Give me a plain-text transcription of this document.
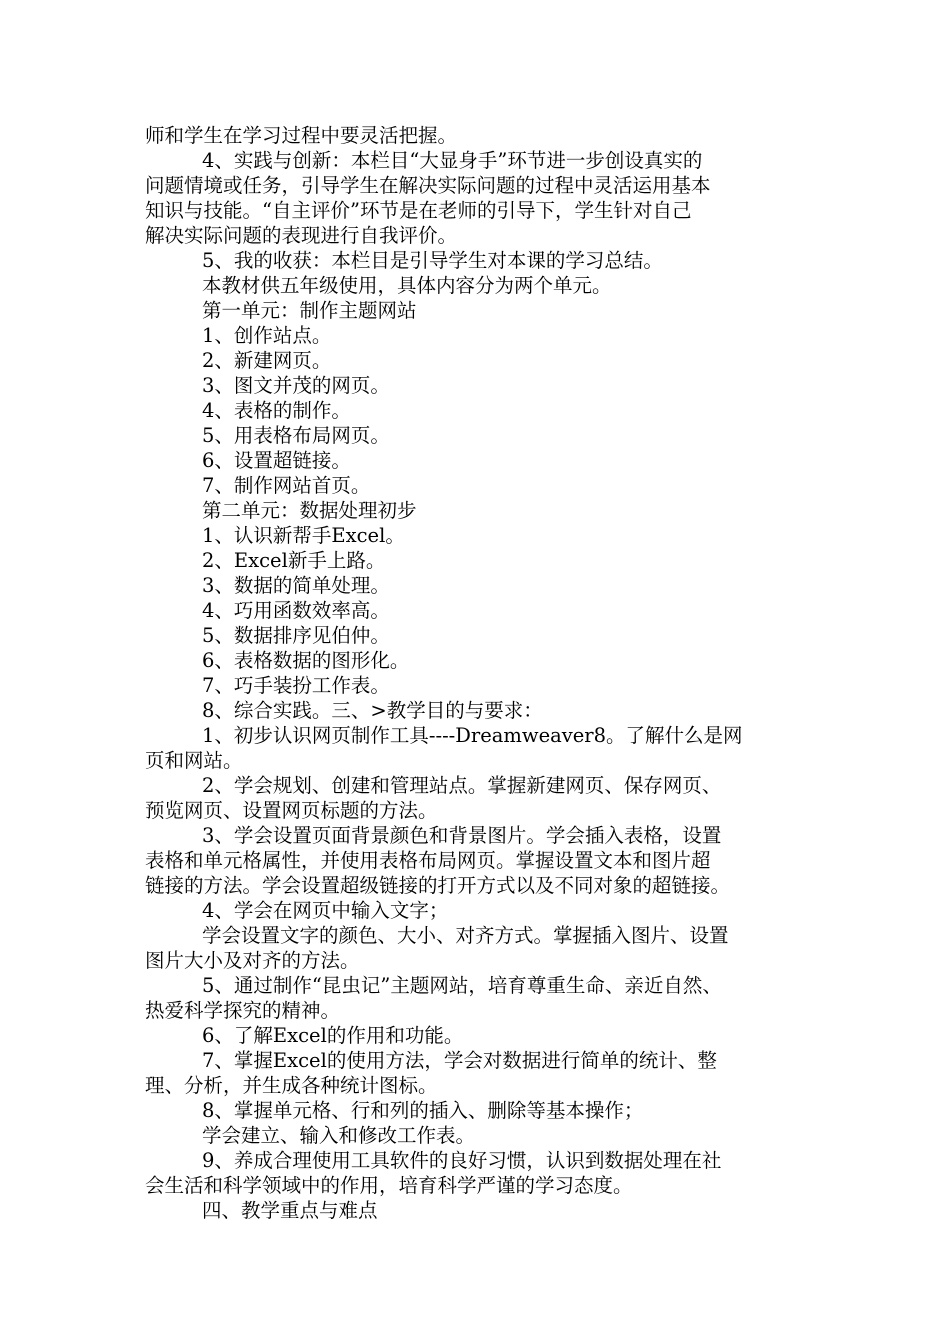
师和学生在学习过程中要灵活把握。
4、实践与创新：本栏目“大显身手”环节进一步创设真实的
问题情境或任务，引导学生在解决实际问题的过程中灵活运用基本
知识与技能。“自主评价”环节是在老师的引导下，学生针对自己
解决实际问题的表现进行自我评价。
5、我的收获：本栏目是引导学生对本课的学习总结。
本教材供五年级使用，具体内容分为两个单元。
第一单元：制作主题网站
1、创作站点。
2、新建网页。
3、图文并茂的网页。
4、表格的制作。
5、用表格布局网页。
6、设置超链接。
7、制作网站首页。
第二单元：数据处理初步
1、认识新帮手Excel。
2、Excel新手上路。
3、数据的简单处理。
4、巧用函数效率高。
5、数据排序见伯仲。
6、表格数据的图形化。
7、巧手装扮工作表。
8、综合实践。三、>教学目的与要求：
1、初步认识网页制作工具----Dreamweaver8。了解什么是网
页和网站。
2、学会规划、创建和管理站点。掌握新建网页、保存网页、
预览网页、设置网页标题的方法。
3、学会设置页面背景颜色和背景图片。学会插入表格，设置
表格和单元格属性，并使用表格布局网页。掌握设置文本和图片超
链接的方法。学会设置超级链接的打开方式以及不同对象的超链接。
4、学会在网页中输入文字；
学会设置文字的颜色、大小、对齐方式。掌握插入图片、设置
图片大小及对齐的方法。
5、通过制作“昆虫记”主题网站，培育尊重生命、亲近自然、
热爱科学探究的精神。
6、了解Excel的作用和功能。
7、掌握Excel的使用方法，学会对数据进行简单的统计、整
理、分析，并生成各种统计图标。
8、掌握单元格、行和列的插入、删除等基本操作；
学会建立、输入和修改工作表。
9、养成合理使用工具软件的良好习惯，认识到数据处理在社
会生活和科学领域中的作用，培育科学严谨的学习态度。
四、教学重点与难点
